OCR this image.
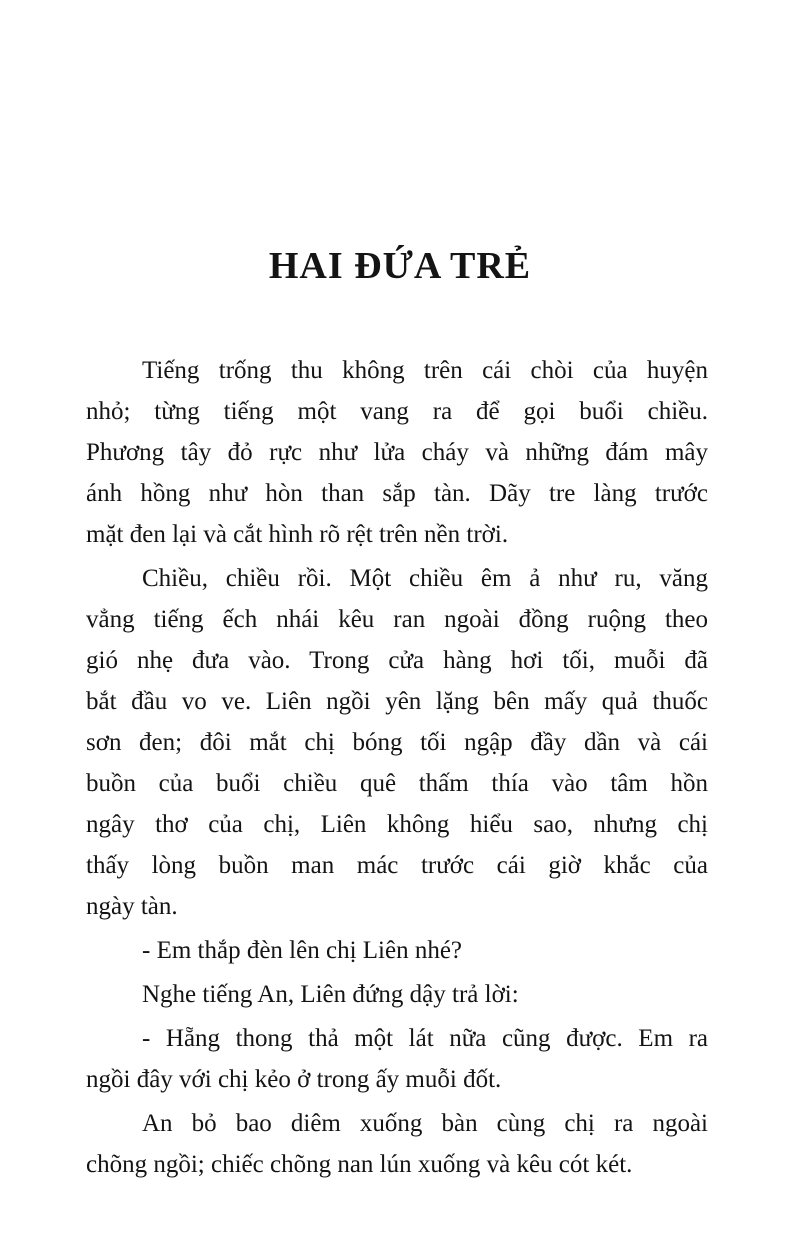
HAI ĐỨA TRẺ
Tiếng trống thu không trên cái chòi của huyện
nhỏ; từng tiếng một vang ra để gọi buổi chiều.
Phương tây đỏ rực như lửa cháy và những đám mây
ánh hồng như hòn than sắp tàn. Dãy tre làng trước
mặt đen lại và cắt hình rõ rệt trên nền trời.
Chiều, chiều rồi. Một chiều êm ả như ru, văng
vẳng tiếng ếch nhái kêu ran ngoài đồng ruộng theo
gió nhẹ đưa vào. Trong cửa hàng hơi tối, muỗi đã
bắt đầu vo ve. Liên ngồi yên lặng bên mấy quả thuốc
sơn đen; đôi mắt chị bóng tối ngập đầy dần và cái
buồn của buổi chiều quê thấm thía vào tâm hồn
ngây thơ của chị, Liên không hiểu sao, nhưng chị
thấy lòng buồn man mác trước cái giờ khắc của
ngày tàn.
- Em thắp đèn lên chị Liên nhé?
Nghe tiếng An, Liên đứng dậy trả lời:
- Hẵng thong thả một lát nữa cũng được. Em ra
ngồi đây với chị kẻo ở trong ấy muỗi đốt.
An bỏ bao diêm xuống bàn cùng chị ra ngoài
chõng ngồi; chiếc chõng nan lún xuống và kêu cót két.
